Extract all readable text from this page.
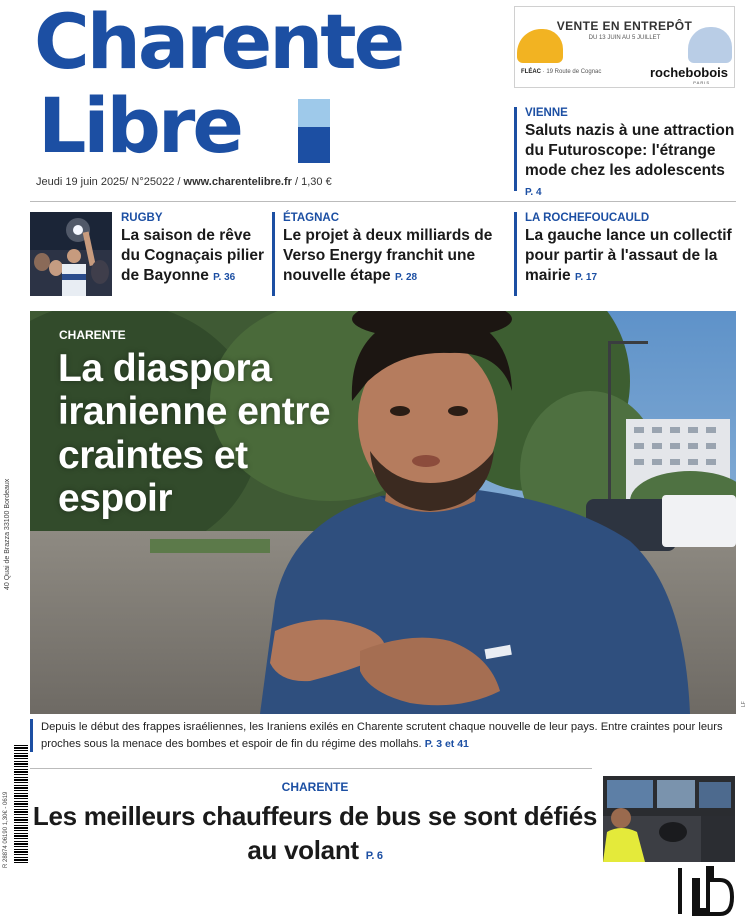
Charente
Libre
Jeudi 19 juin 2025/ N°25022 / www.charentelibre.fr / 1,30 €
VENTE EN ENTREPÔT
DU 13 JUIN AU 5 JUILLET
FLÉAC · 19 Route de Cognac	rochebobois
PARIS
VIENNE
Saluts nazis à une attraction du Futuroscope: l'étrange mode chez les adolescents P. 4
RUGBY
La saison de rêve du Cognaçais pilier de Bayonne P. 36
ÉTAGNAC
Le projet à deux milliards de Verso Energy franchit une nouvelle étape P. 28
LA ROCHEFOUCAULD
La gauche lance un collectif pour partir à l'assaut de la mairie P. 17
CHARENTE
La diaspora iranienne entre craintes et espoir
LF
Depuis le début des frappes israéliennes, les Iraniens exilés en Charente scrutent chaque nouvelle de leur pays. Entre craintes pour leurs proches sous la menace des bombes et espoir de fin du régime des mollahs. P. 3 et 41
CHARENTE
Les meilleurs chauffeurs de bus se sont défiés au volant P. 6
R 28874 06190 1,30€ - 0619
40 Quai de Brazza 33100 Bordeaux
